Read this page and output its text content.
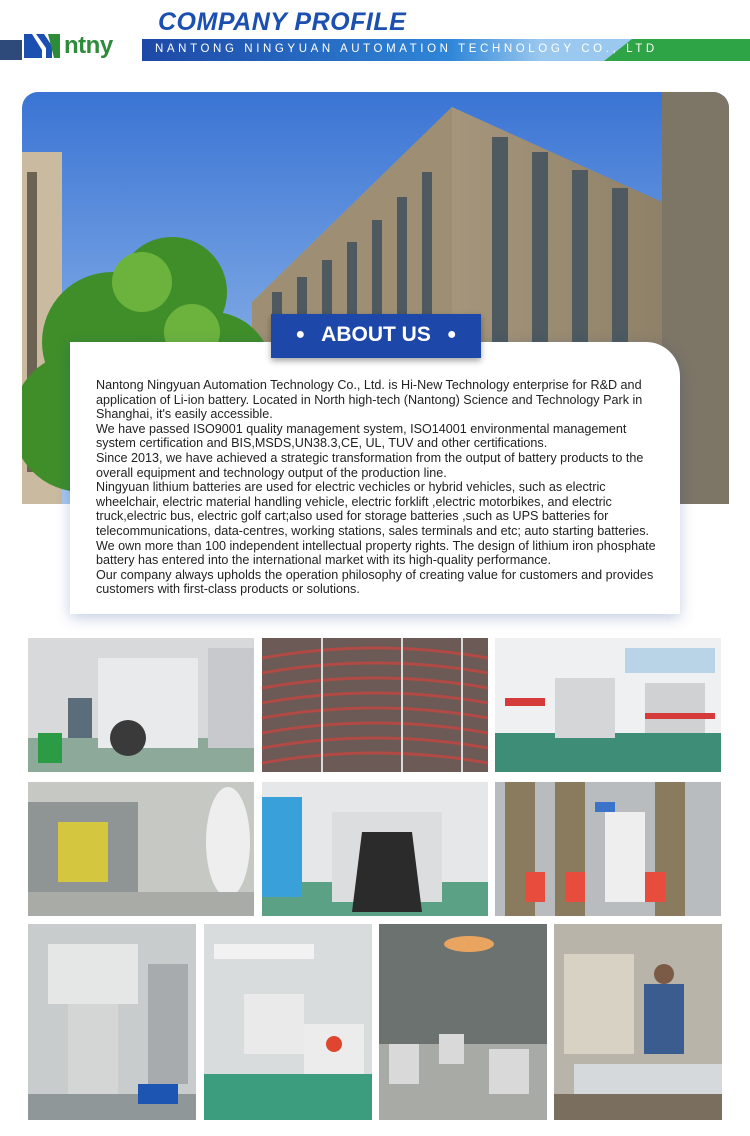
COMPANY PROFILE
ntny	NANTONG NINGYUAN AUTOMATION TECHNOLOGY CO., LTD
● ABOUT US ●

Nantong Ningyuan Automation Technology Co., Ltd. is Hi-New Technology enterprise for R&D and application of Li-ion battery. Located in North high-tech (Nantong) Science and Technology Park in Shanghai, it's easily accessible.

We have passed ISO9001 quality management system, ISO14001 environmental management system certification and BIS,MSDS,UN38.3,CE, UL, TUV and other certifications.

Since 2013, we have achieved a strategic transformation from the output of battery products to the overall equipment and technology output of the production line.

Ningyuan lithium batteries are used for electric vechicles or hybrid vehicles, such as electric wheelchair, electric material handling vehicle, electric forklift ,electric motorbikes, and electric truck,electric bus, electric golf cart;also used for storage batteries ,such as UPS batteries for telecommunications, data-centres, working stations, sales terminals and etc; auto starting batteries.

We own more than 100 independent intellectual property rights. The design of lithium iron phosphate battery has entered into the international market with its high-quality performance.

Our company always upholds the operation philosophy of creating value for customers and provides customers with first-class products or solutions.
